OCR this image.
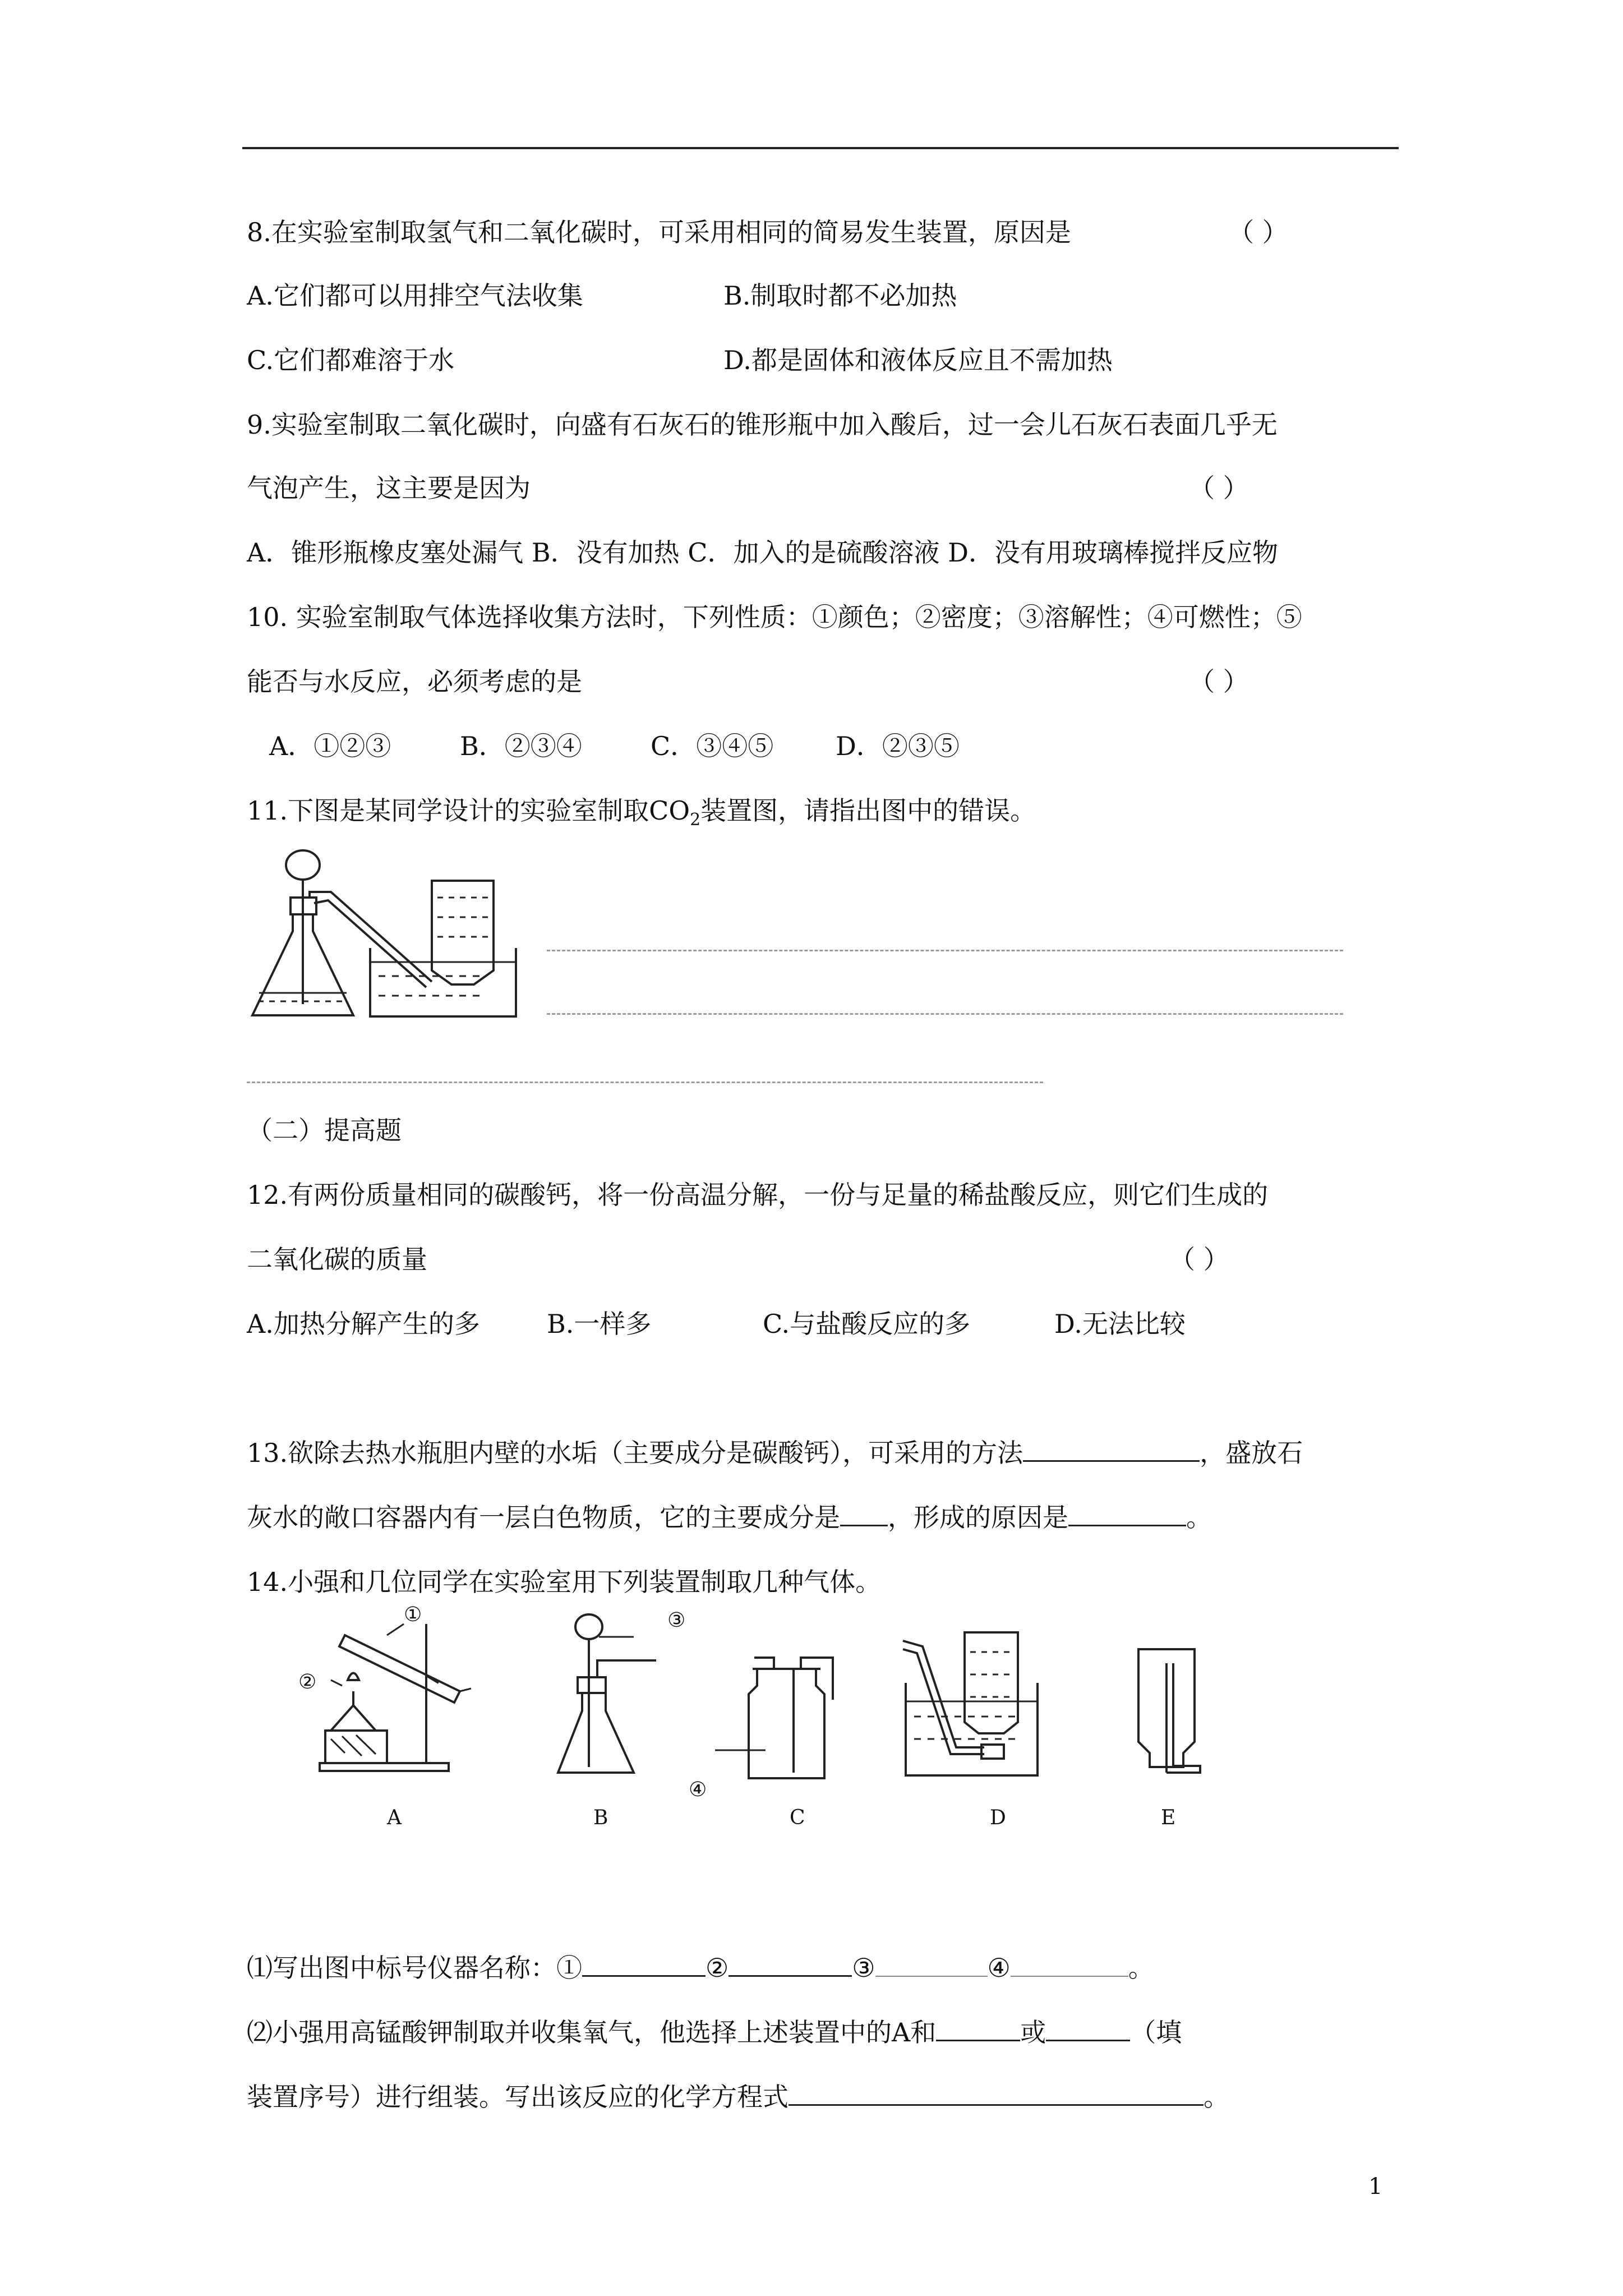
8.在实验室制取氢气和二氧化碳时，可采用相同的简易发生装置，原因是	（ ）
A.它们都可以用排空气法收集	B.制取时都不必加热
C.它们都难溶于水	D.都是固体和液体反应且不需加热
9.实验室制取二氧化碳时，向盛有石灰石的锥形瓶中加入酸后，过一会儿石灰石表面几乎无
气泡产生，这主要是因为	（ ）
A．锥形瓶橡皮塞处漏气 B．没有加热 C．加入的是硫酸溶液 D．没有用玻璃棒搅拌反应物
10. 实验室制取气体选择收集方法时，下列性质：①颜色；②密度；③溶解性；④可燃性；⑤
能否与水反应，必须考虑的是	（ ）
A．①②③	B．②③④	C．③④⑤ D．②③⑤
11.下图是某同学设计的实验室制取$CO_2$装置图，请指出图中的错误。
（二）提高题
12.有两份质量相同的碳酸钙，将一份高温分解，一份与足量的稀盐酸反应，则它们生成的
二氧化碳的质量	（ ）
A.加热分解产生的多	B.一样多	C.与盐酸反应的多	D.无法比较
13.欲除去热水瓶胆内壁的水垢（主要成分是碳酸钙），可采用的方法	，盛放石
灰水的敞口容器内有一层白色物质，它的主要成分是 ，形成的原因是	。
14.小强和几位同学在实验室用下列装置制取几种气体。
①
②
A
③
B
④
C	D	E
⑴写出图中标号仪器名称：①	②	③	④	。
⑵小强用高锰酸钾制取并收集氧气，他选择上述装置中的A和	或	（填
装置序号）进行组装。写出该反应的化学方程式	。
1
